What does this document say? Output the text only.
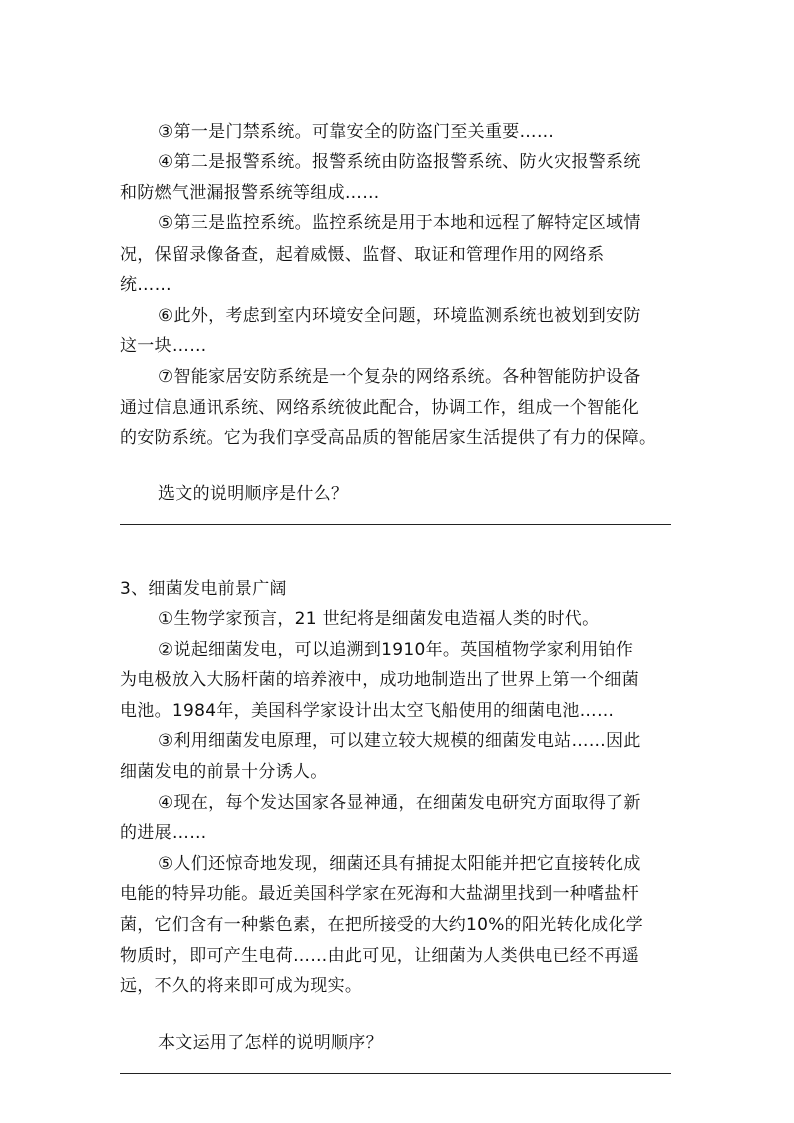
③第一是门禁系统。可靠安全的防盗门至关重要……
④第二是报警系统。报警系统由防盗报警系统、防火灾报警系统
和防燃气泄漏报警系统等组成……
⑤第三是监控系统。监控系统是用于本地和远程了解特定区域情
况，保留录像备查，起着威慑、监督、取证和管理作用的网络系
统……
⑥此外，考虑到室内环境安全问题，环境监测系统也被划到安防
这一块……
⑦智能家居安防系统是一个复杂的网络系统。各种智能防护设备
通过信息通讯系统、网络系统彼此配合，协调工作，组成一个智能化
的安防系统。它为我们享受高品质的智能居家生活提供了有力的保障。
选文的说明顺序是什么？
3、细菌发电前景广阔
①生物学家预言，21 世纪将是细菌发电造福人类的时代。
②说起细菌发电，可以追溯到1910年。英国植物学家利用铂作
为电极放入大肠杆菌的培养液中，成功地制造出了世界上第一个细菌
电池。1984年，美国科学家设计出太空飞船使用的细菌电池……
③利用细菌发电原理，可以建立较大规模的细菌发电站……因此
细菌发电的前景十分诱人。
④现在，每个发达国家各显神通，在细菌发电研究方面取得了新
的进展……
⑤人们还惊奇地发现，细菌还具有捕捉太阳能并把它直接转化成
电能的特异功能。最近美国科学家在死海和大盐湖里找到一种嗜盐杆
菌，它们含有一种紫色素，在把所接受的大约10%的阳光转化成化学
物质时，即可产生电荷……由此可见，让细菌为人类供电已经不再遥
远，不久的将来即可成为现实。
本文运用了怎样的说明顺序？
